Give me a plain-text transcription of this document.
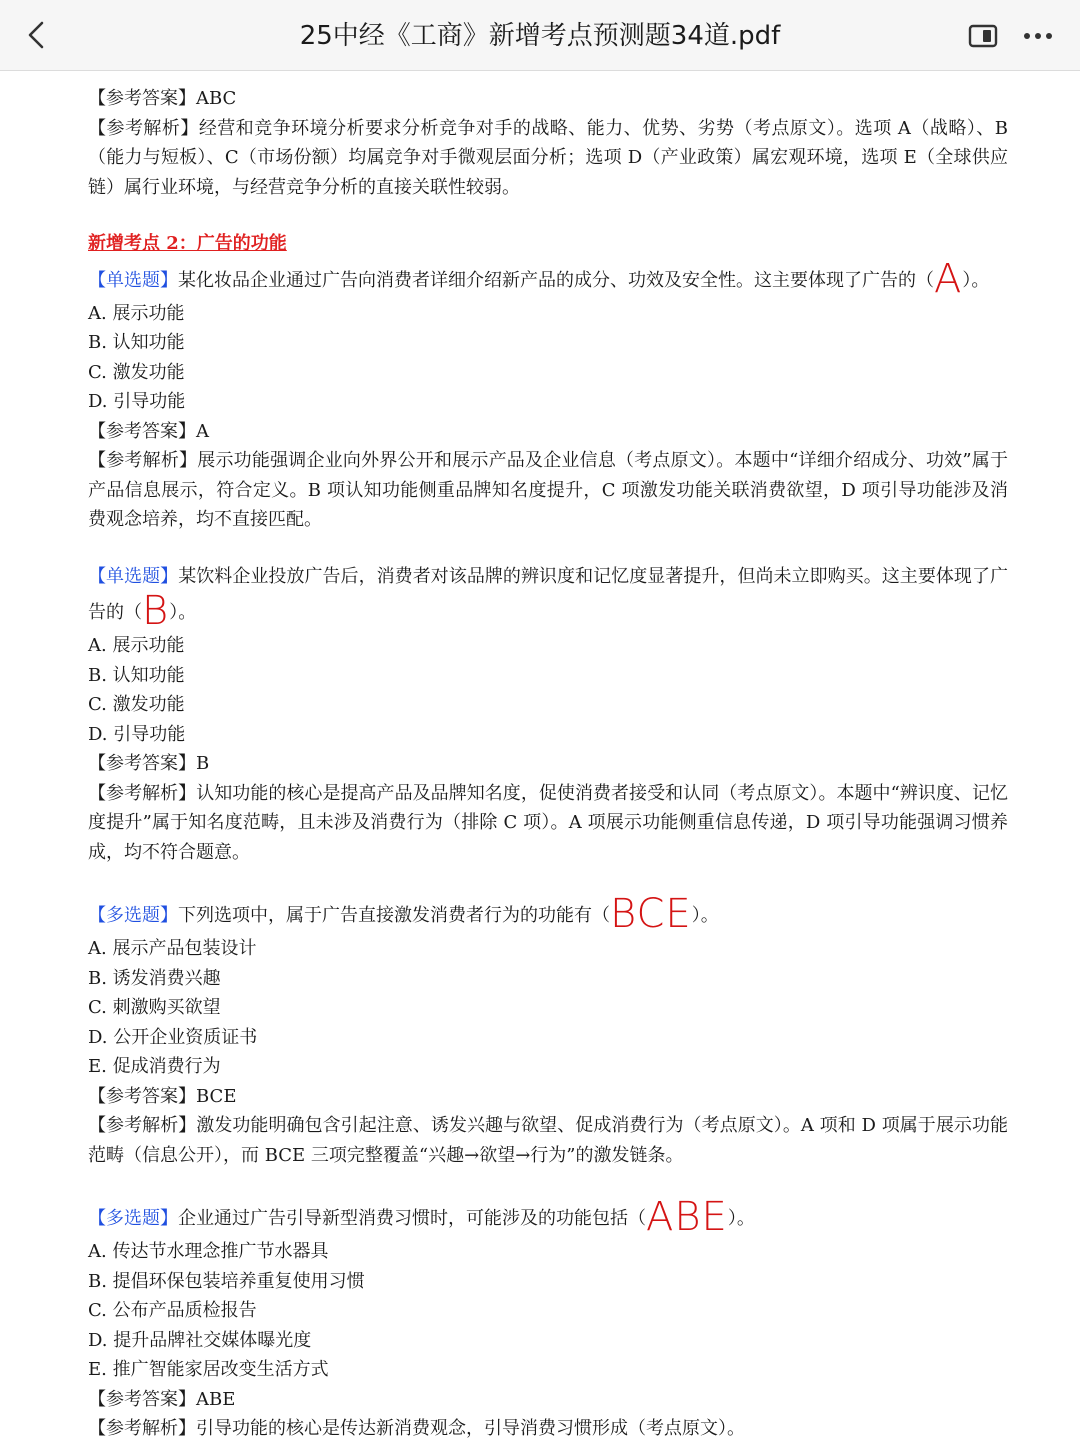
25中经《工商》新增考点预测题34道.pdf
【参考答案】ABC
【参考解析】经营和竞争环境分析要求分析竞争对手的战略、能力、优势、劣势（考点原文）。选项 A（战略）、B（能力与短板）、C（市场份额）均属竞争对手微观层面分析；选项 D（产业政策）属宏观环境，选项 E（全球供应链）属行业环境，与经营竞争分析的直接关联性较弱。
新增考点 2：广告的功能
【单选题】某化妆品企业通过广告向消费者详细介绍新产品的成分、功效及安全性。这主要体现了广告的（A）。
A. 展示功能
B. 认知功能
C. 激发功能
D. 引导功能
【参考答案】A
【参考解析】展示功能强调企业向外界公开和展示产品及企业信息（考点原文）。本题中“详细介绍成分、功效”属于产品信息展示，符合定义。B 项认知功能侧重品牌知名度提升，C 项激发功能关联消费欲望，D 项引导功能涉及消费观念培养，均不直接匹配。
【单选题】某饮料企业投放广告后，消费者对该品牌的辨识度和记忆度显著提升，但尚未立即购买。这主要体现了广告的（B）。
A. 展示功能
B. 认知功能
C. 激发功能
D. 引导功能
【参考答案】B
【参考解析】认知功能的核心是提高产品及品牌知名度，促使消费者接受和认同（考点原文）。本题中“辨识度、记忆度提升”属于知名度范畴，且未涉及消费行为（排除 C 项）。A 项展示功能侧重信息传递，D 项引导功能强调习惯养成，均不符合题意。
【多选题】下列选项中，属于广告直接激发消费者行为的功能有（BCE）。
A. 展示产品包装设计
B. 诱发消费兴趣
C. 刺激购买欲望
D. 公开企业资质证书
E. 促成消费行为
【参考答案】BCE
【参考解析】激发功能明确包含引起注意、诱发兴趣与欲望、促成消费行为（考点原文）。A 项和 D 项属于展示功能范畴（信息公开），而 BCE 三项完整覆盖“兴趣→欲望→行为”的激发链条。
【多选题】企业通过广告引导新型消费习惯时，可能涉及的功能包括（ABE）。
A. 传达节水理念推广节水器具
B. 提倡环保包装培养重复使用习惯
C. 公布产品质检报告
D. 提升品牌社交媒体曝光度
E. 推广智能家居改变生活方式
【参考答案】ABE
【参考解析】引导功能的核心是传达新消费观念，引导消费习惯形成（考点原文）。
